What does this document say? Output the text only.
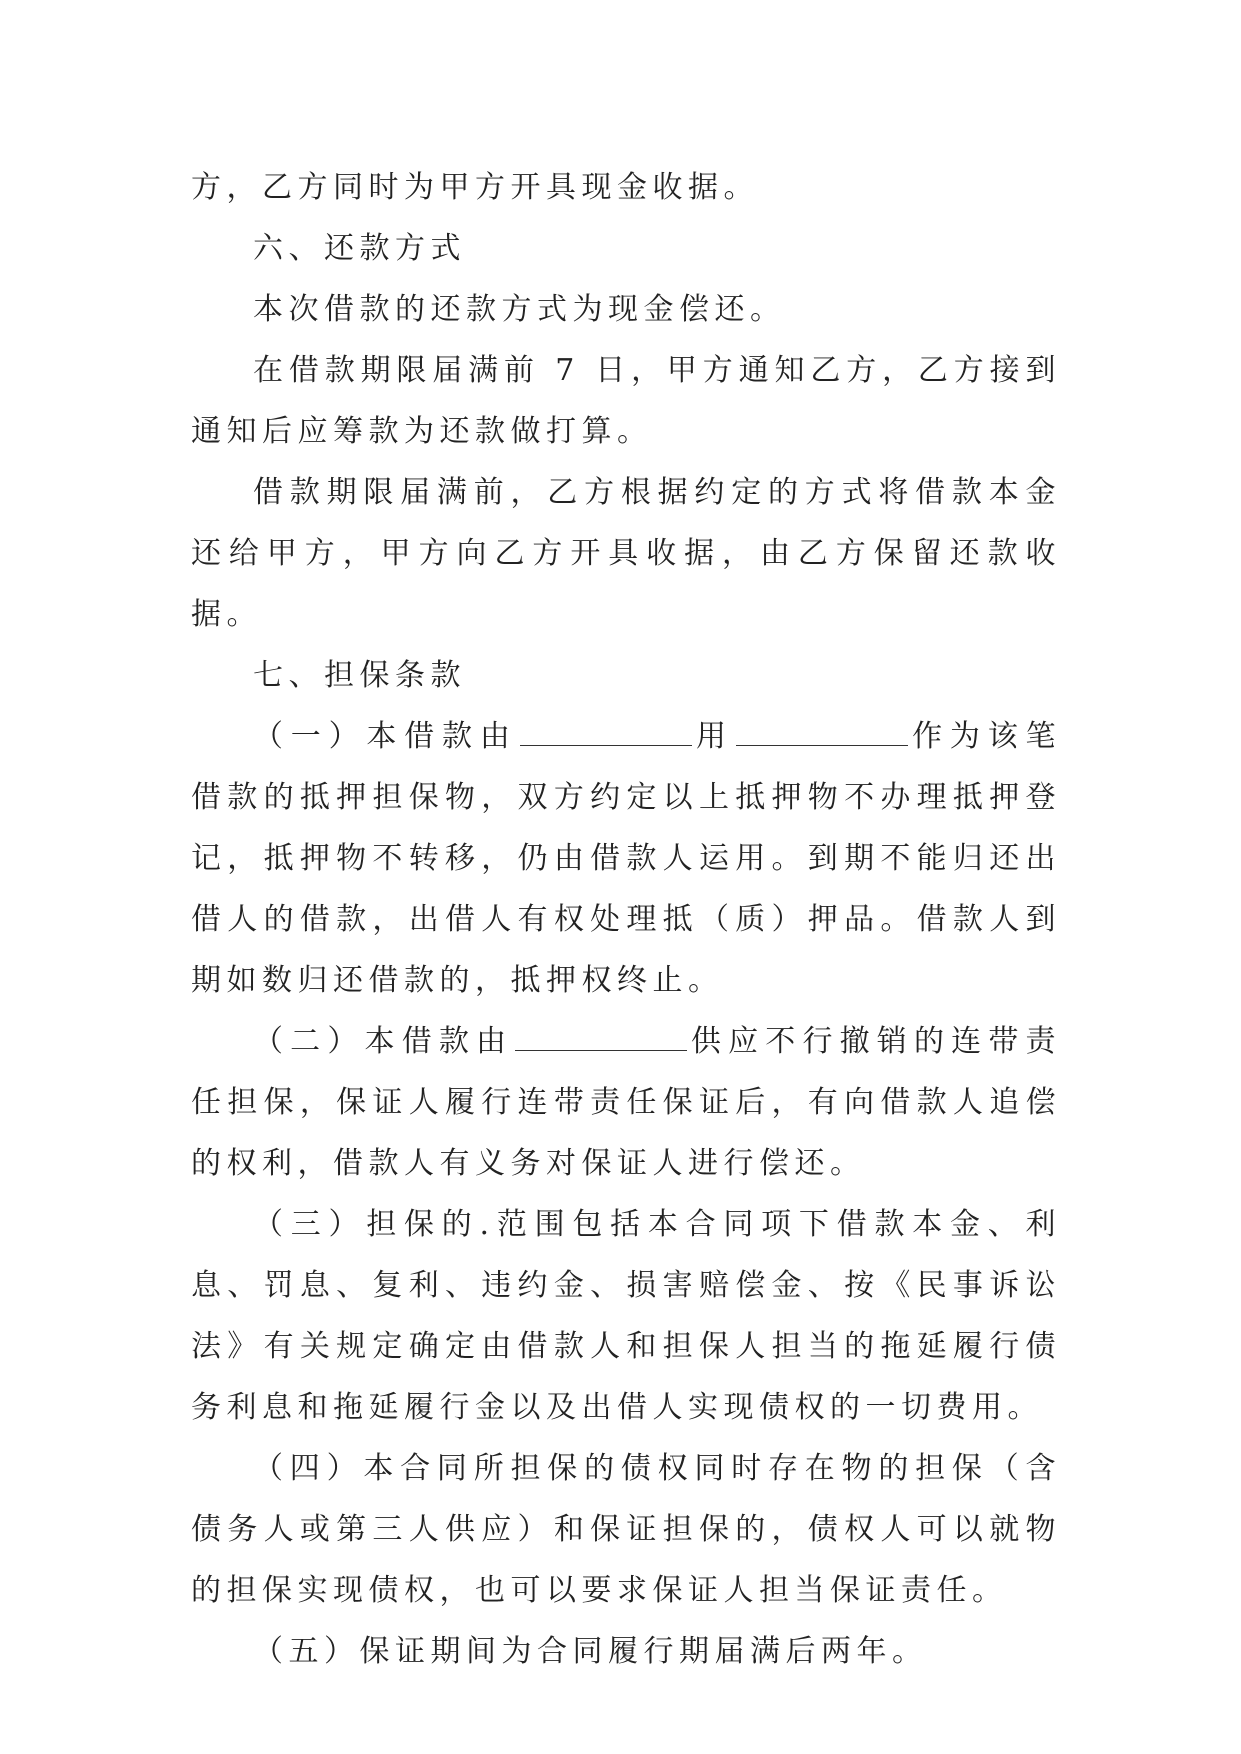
方，乙方同时为甲方开具现金收据。

六、还款方式

本次借款的还款方式为现金偿还。

在借款期限届满前 7 日，甲方通知乙方，乙方接到通知后应筹款为还款做打算。

借款期限届满前，乙方根据约定的方式将借款本金还给甲方，甲方向乙方开具收据，由乙方保留还款收据。

七、担保条款

（一）本借款由	用	作为该笔借款的抵押担保物，双方约定以上抵押物不办理抵押登记，抵押物不转移，仍由借款人运用。到期不能归还出借人的借款，出借人有权处理抵（质）押品。借款人到期如数归还借款的，抵押权终止。

（二）本借款由	供应不行撤销的连带责任担保，保证人履行连带责任保证后，有向借款人追偿的权利，借款人有义务对保证人进行偿还。

（三）担保的.范围包括本合同项下借款本金、利息、罚息、复利、违约金、损害赔偿金、按《民事诉讼法》有关规定确定由借款人和担保人担当的拖延履行债务利息和拖延履行金以及出借人实现债权的一切费用。

（四）本合同所担保的债权同时存在物的担保（含债务人或第三人供应）和保证担保的，债权人可以就物的担保实现债权，也可以要求保证人担当保证责任。

（五）保证期间为合同履行期届满后两年。
